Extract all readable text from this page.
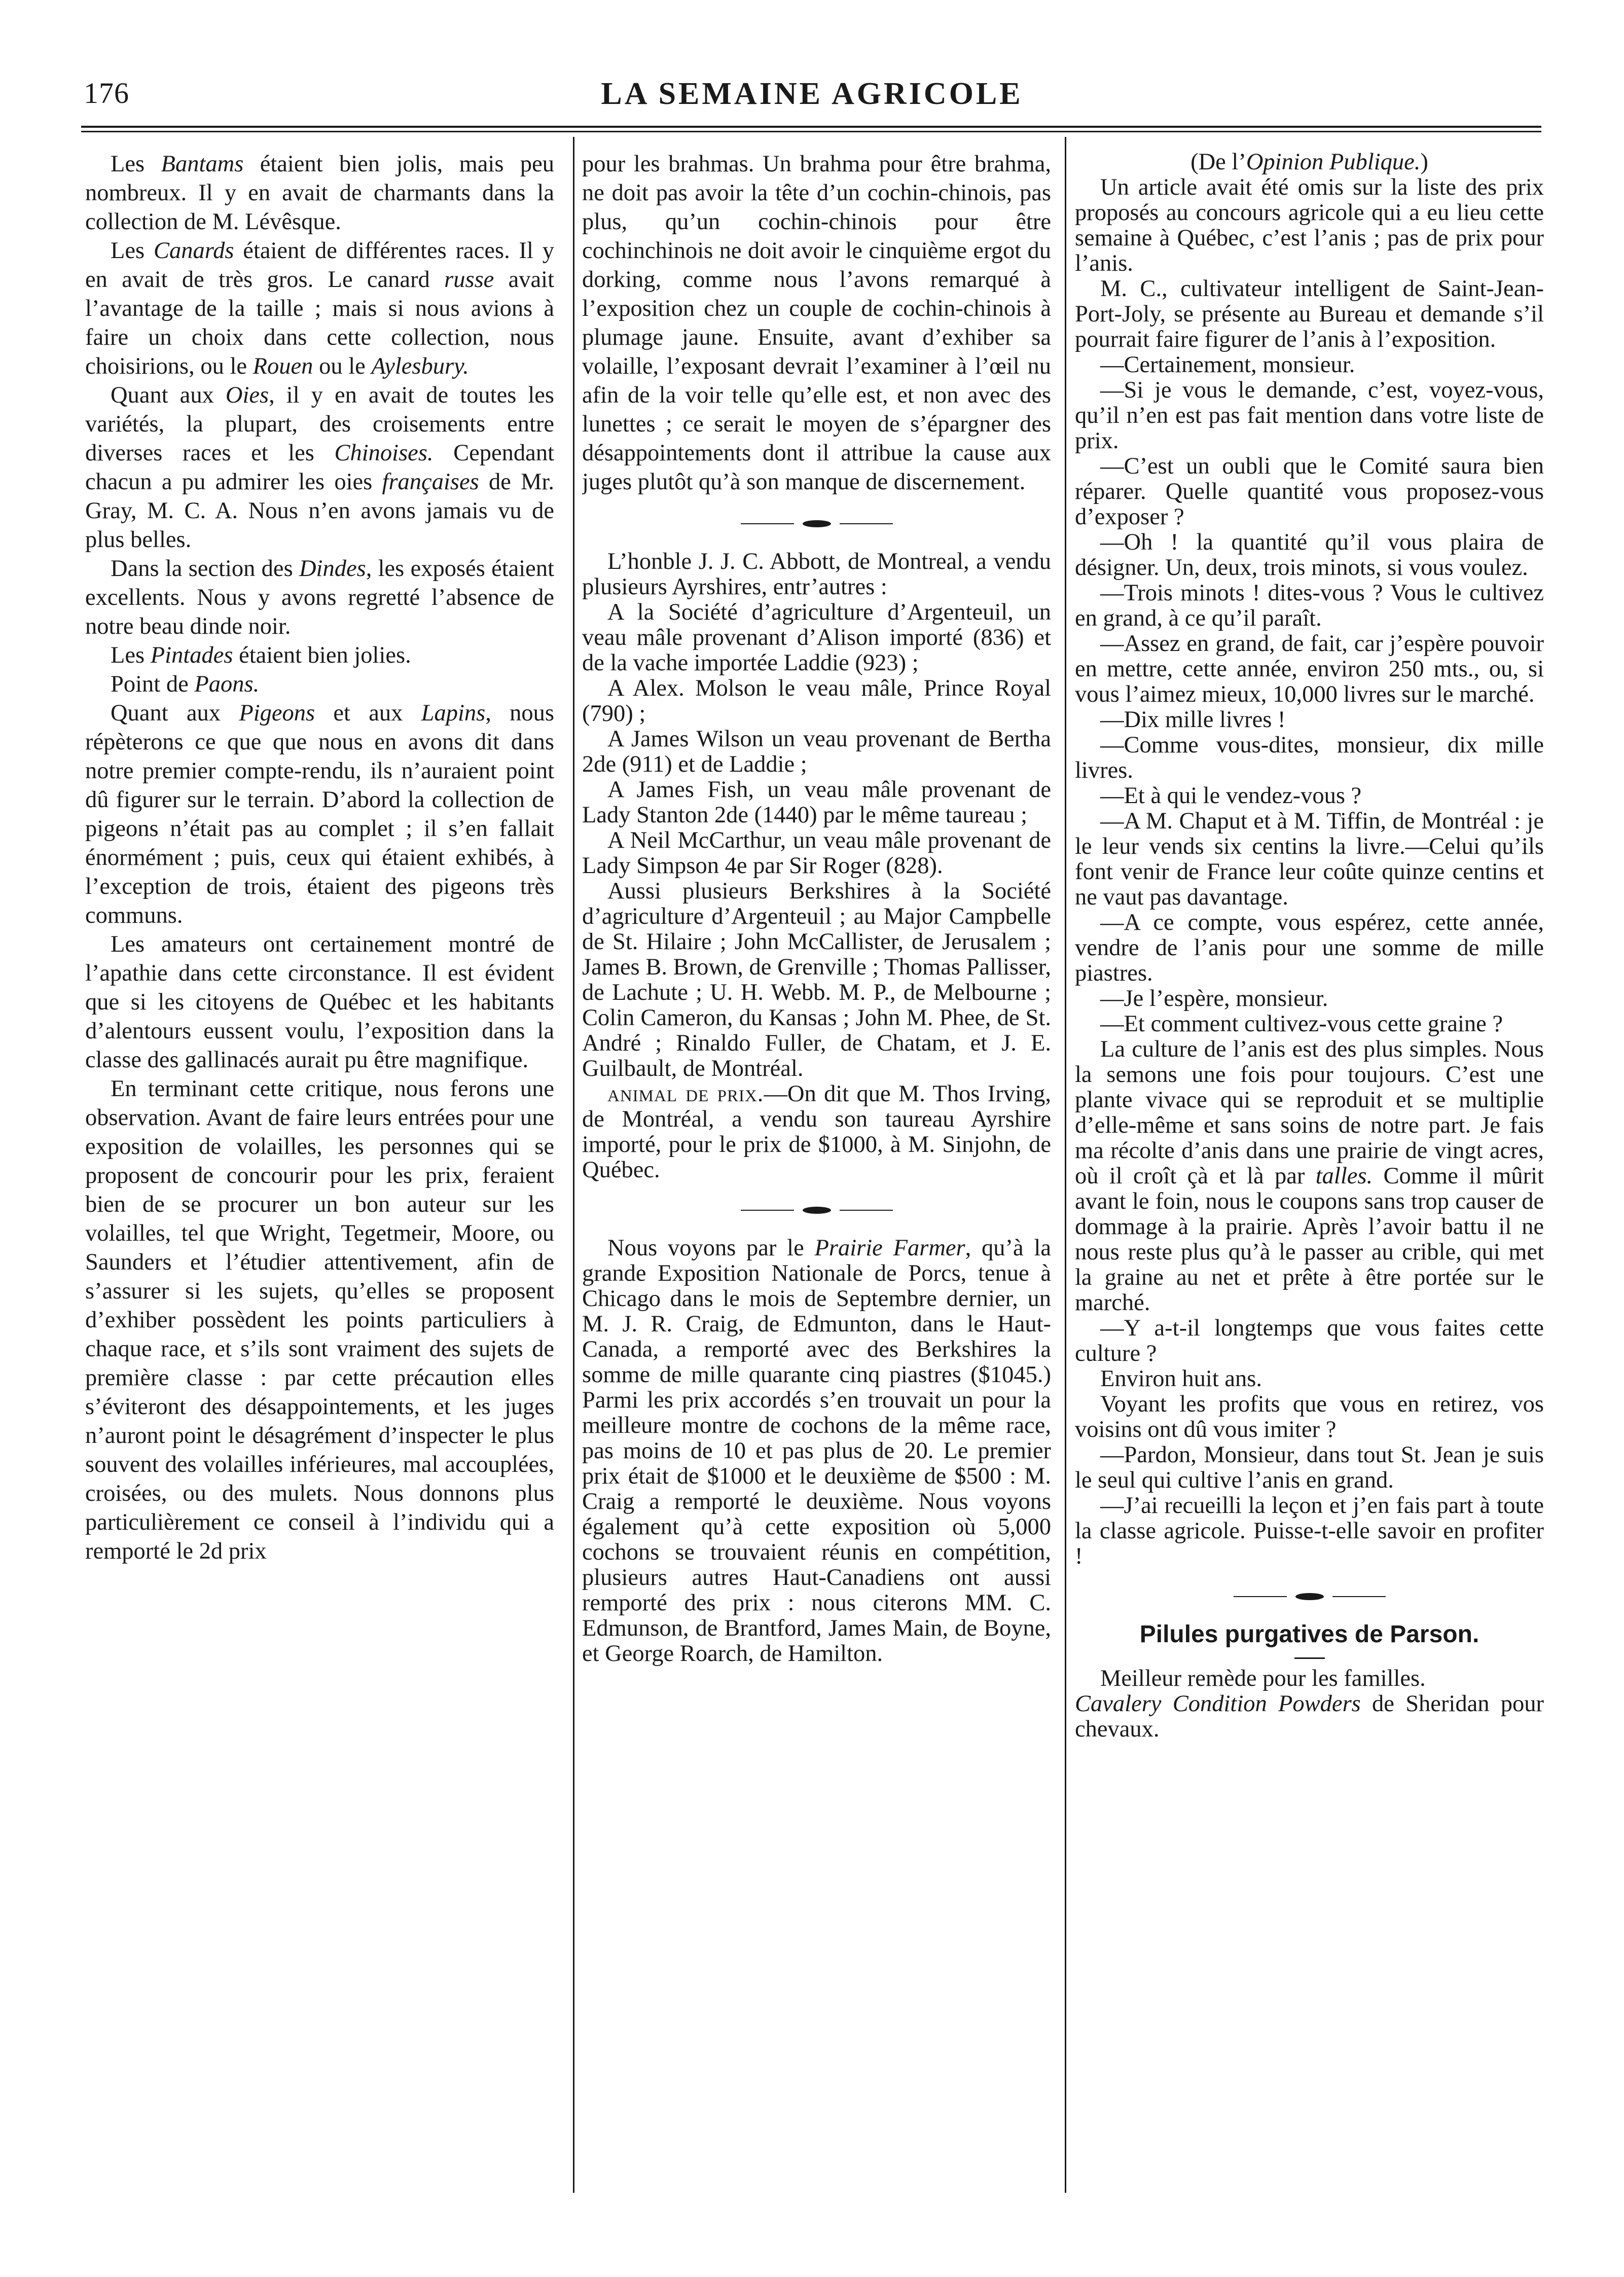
176	LA SEMAINE AGRICOLE

Les Bantams étaient bien jolis, mais peu nombreux. Il y en avait de charmants dans la collection de M. Lévêsque.

Les Canards étaient de différentes races. Il y en avait de très gros. Le canard russe avait l’avantage de la taille ; mais si nous avions à faire un choix dans cette collection, nous choisirions, ou le Rouen ou le Aylesbury.

Quant aux Oies, il y en avait de toutes les variétés, la plupart, des croisements entre diverses races et les Chinoises. Cependant chacun a pu admirer les oies françaises de Mr. Gray, M. C. A. Nous n’en avons jamais vu de plus belles.

Dans la section des Dindes, les exposés étaient excellents. Nous y avons regretté l’absence de notre beau dinde noir.

Les Pintades étaient bien jolies.

Point de Paons.

Quant aux Pigeons et aux Lapins, nous répèterons ce que que nous en avons dit dans notre premier compte-rendu, ils n’auraient point dû figurer sur le terrain. D’abord la collection de pigeons n’était pas au complet ; il s’en fallait énormément ; puis, ceux qui étaient exhibés, à l’exception de trois, étaient des pigeons très communs.

Les amateurs ont certainement montré de l’apathie dans cette circonstance. Il est évident que si les citoyens de Québec et les habitants d’alentours eussent voulu, l’exposition dans la classe des gallinacés aurait pu être magnifique.

En terminant cette critique, nous ferons une observation. Avant de faire leurs entrées pour une exposition de volailles, les personnes qui se proposent de concourir pour les prix, feraient bien de se procurer un bon auteur sur les volailles, tel que Wright, Tegetmeir, Moore, ou Saunders et l’étudier attentivement, afin de s’assurer si les sujets, qu’elles se proposent d’exhiber possèdent les points particuliers à chaque race, et s’ils sont vraiment des sujets de première classe : par cette précaution elles s’éviteront des désappointements, et les juges n’auront point le désagrément d’inspecter le plus souvent des volailles inférieures, mal accouplées, croisées, ou des mulets. Nous donnons plus particulièrement ce conseil à l’individu qui a remporté le 2d prix

pour les brahmas. Un brahma pour être brahma, ne doit pas avoir la tête d’un cochin-chinois, pas plus, qu’un cochin-chinois pour être cochinchinois ne doit avoir le cinquième ergot du dorking, comme nous l’avons remarqué à l’exposition chez un couple de cochin-chinois à plumage jaune. Ensuite, avant d’exhiber sa volaille, l’exposant devrait l’examiner à l’œil nu afin de la voir telle qu’elle est, et non avec des lunettes ; ce serait le moyen de s’épargner des désappointements dont il attribue la cause aux juges plutôt qu’à son manque de discernement.

L’honble J. J. C. Abbott, de Montreal, a vendu plusieurs Ayrshires, entr’autres :

A la Société d’agriculture d’Argenteuil, un veau mâle provenant d’Alison importé (836) et de la vache importée Laddie (923) ;

A Alex. Molson le veau mâle, Prince Royal (790) ;

A James Wilson un veau provenant de Bertha 2de (911) et de Laddie ;

A James Fish, un veau mâle provenant de Lady Stanton 2de (1440) par le même taureau ;

A Neil McCarthur, un veau mâle provenant de Lady Simpson 4e par Sir Roger (828).

Aussi plusieurs Berkshires à la Société d’agriculture d’Argenteuil ; au Major Campbelle de St. Hilaire ; John McCallister, de Jerusalem ; James B. Brown, de Grenville ; Thomas Pallisser, de Lachute ; U. H. Webb. M. P., de Melbourne ; Colin Cameron, du Kansas ; John M. Phee, de St. André ; Rinaldo Fuller, de Chatam, et J. E. Guilbault, de Montréal.

animal de prix.—On dit que M. Thos Irving, de Montréal, a vendu son taureau Ayrshire importé, pour le prix de $1000, à M. Sinjohn, de Québec.

Nous voyons par le Prairie Farmer, qu’à la grande Exposition Nationale de Porcs, tenue à Chicago dans le mois de Septembre dernier, un M. J. R. Craig, de Edmunton, dans le Haut-Canada, a remporté avec des Berkshires la somme de mille quarante cinq piastres ($1045.) Parmi les prix accordés s’en trouvait un pour la meilleure montre de cochons de la même race, pas moins de 10 et pas plus de 20. Le premier prix était de $1000 et le deuxième de $500 : M. Craig a remporté le deuxième. Nous voyons également qu’à cette exposition où 5,000 cochons se trouvaient réunis en compétition, plusieurs autres Haut-Canadiens ont aussi remporté des prix : nous citerons MM. C. Edmunson, de Brantford, James Main, de Boyne, et George Roarch, de Hamilton.

(De l’Opinion Publique.)

Un article avait été omis sur la liste des prix proposés au concours agricole qui a eu lieu cette semaine à Québec, c’est l’anis ; pas de prix pour l’anis.

M. C., cultivateur intelligent de Saint-Jean-Port-Joly, se présente au Bureau et demande s’il pourrait faire figurer de l’anis à l’exposition.

—Certainement, monsieur.

—Si je vous le demande, c’est, voyez-vous, qu’il n’en est pas fait mention dans votre liste de prix.

—C’est un oubli que le Comité saura bien réparer. Quelle quantité vous proposez-vous d’exposer ?

—Oh ! la quantité qu’il vous plaira de désigner. Un, deux, trois minots, si vous voulez.

—Trois minots ! dites-vous ? Vous le cultivez en grand, à ce qu’il paraît.

—Assez en grand, de fait, car j’espère pouvoir en mettre, cette année, environ 250 mts., ou, si vous l’aimez mieux, 10,000 livres sur le marché.

—Dix mille livres !

—Comme vous-dites, monsieur, dix mille livres.

—Et à qui le vendez-vous ?

—A M. Chaput et à M. Tiffin, de Montréal : je le leur vends six centins la livre.—Celui qu’ils font venir de France leur coûte quinze centins et ne vaut pas davantage.

—A ce compte, vous espérez, cette année, vendre de l’anis pour une somme de mille piastres.

—Je l’espère, monsieur.

—Et comment cultivez-vous cette graine ?

La culture de l’anis est des plus simples. Nous la semons une fois pour toujours. C’est une plante vivace qui se reproduit et se multiplie d’elle-même et sans soins de notre part. Je fais ma récolte d’anis dans une prairie de vingt acres, où il croît çà et là par talles. Comme il mûrit avant le foin, nous le coupons sans trop causer de dommage à la prairie. Après l’avoir battu il ne nous reste plus qu’à le passer au crible, qui met la graine au net et prête à être portée sur le marché.

—Y a-t-il longtemps que vous faites cette culture ?

Environ huit ans.

Voyant les profits que vous en retirez, vos voisins ont dû vous imiter ?

—Pardon, Monsieur, dans tout St. Jean je suis le seul qui cultive l’anis en grand.

—J’ai recueilli la leçon et j’en fais part à toute la classe agricole. Puisse-t-elle savoir en profiter !

Pilules purgatives de Parson.

Meilleur remède pour les familles.

Cavalery Condition Powders de Sheridan pour chevaux.
